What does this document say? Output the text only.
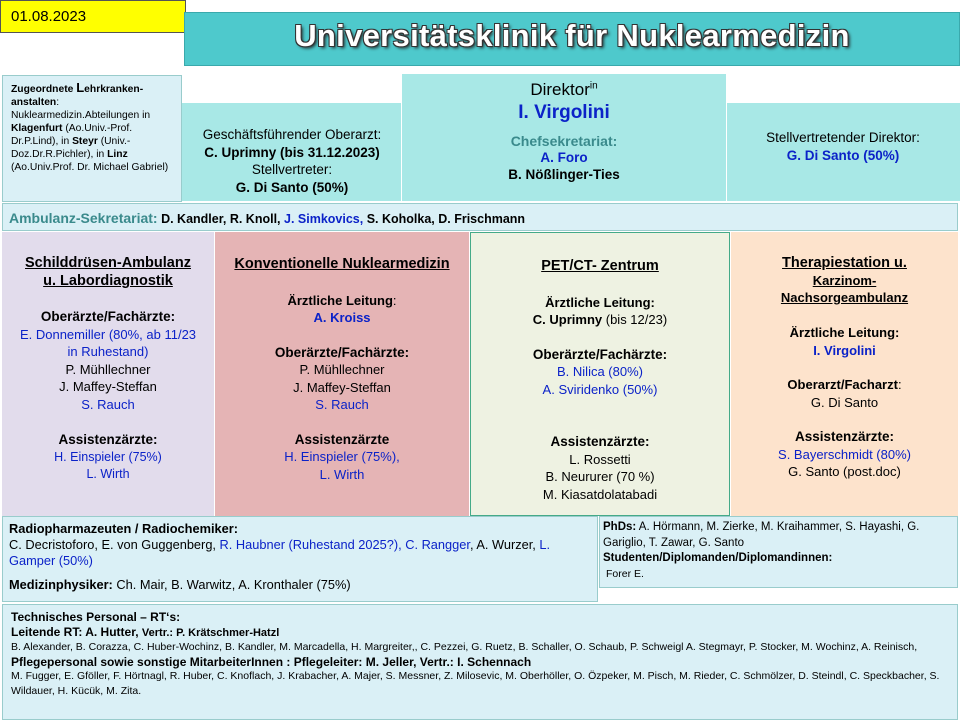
01.08.2023
Universitätsklinik für Nuklearmedizin
Zugeordnete Lehrkranken-anstalten: Nuklearmedizin.Abteilungen in Klagenfurt (Ao.Univ.-Prof. Dr.P.Lind), in Steyr (Univ.-Doz.Dr.R.Pichler), in Linz (Ao.Univ.Prof. Dr. Michael Gabriel)
Direktor$^{in}$
I. Virgolini
Chefsekretariat:
A. Foro
B. Nößlinger-Ties
Geschäftsführender Oberarzt:
C. Uprimny (bis 31.12.2023)
Stellvertreter:
G. Di Santo (50%)
Stellvertretender Direktor:
G. Di Santo (50%)
Ambulanz-Sekretariat: D. Kandler, R. Knoll, J. Simkovics, S. Koholka, D. Frischmann
Schilddrüsen-Ambulanz
u. Labordiagnostik
Oberärzte/Fachärzte:
E. Donnemiller (80%, ab 11/23 in Ruhestand)
P. Mühllechner
J. Maffey-Steffan
S. Rauch
Assistenzärzte:
H. Einspieler (75%)
L. Wirth
Konventionelle Nuklearmedizin
Ärztliche Leitung:
A. Kroiss
Oberärzte/Fachärzte:
P. Mühllechner
J. Maffey-Steffan
S. Rauch
Assistenzärzte
H. Einspieler (75%),
L. Wirth
PET/CT- Zentrum
Ärztliche Leitung:
C. Uprimny (bis 12/23)
Oberärzte/Fachärzte:
B. Nilica (80%)
A. Sviridenko (50%)
Assistenzärzte:
L. Rossetti
B. Neururer (70 %)
M. Kiasatdolatabadi
Therapiestation u.
Karzinom-
Nachsorgeambulanz
Ärztliche Leitung:
I. Virgolini
Oberarzt/Facharzt:
G. Di Santo
Assistenzärzte:
S. Bayerschmidt (80%)
G. Santo (post.doc)
Radiopharmazeuten / Radiochemiker:
C. Decristoforo, E. von Guggenberg, R. Haubner (Ruhestand 2025?), C. Rangger, A. Wurzer, L. Gamper (50%)
Medizinphysiker: Ch. Mair, B. Warwitz, A. Kronthaler (75%)
PhDs: A. Hörmann, M. Zierke, M. Kraihammer, S. Hayashi, G. Gariglio, T. Zawar, G. Santo
Studenten/Diplomanden/Diplomandinnen:
Forer E.
Technisches Personal – RT‘s:
Leitende RT: A. Hutter, Vertr.: P. Krätschmer-Hatzl
B. Alexander, B. Corazza, C. Huber-Wochinz, B. Kandler, M. Marcadella, H. Margreiter,, C. Pezzei, G. Ruetz, B. Schaller, O. Schaub, P. Schweigl A. Stegmayr, P. Stocker, M. Wochinz, A. Reinisch,
Pflegepersonal sowie sonstige MitarbeiterInnen : Pflegeleiter: M. Jeller, Vertr.: I. Schennach
M. Fugger, E. Gföller, F. Hörtnagl, R. Huber, C. Knoflach, J. Krabacher, A. Majer, S. Messner, Z. Milosevic, M. Oberhöller, O. Özpeker, M. Pisch, M. Rieder, C. Schmölzer, D. Steindl, C. Speckbacher, S. Wildauer, H. Kücük, M. Zita.
